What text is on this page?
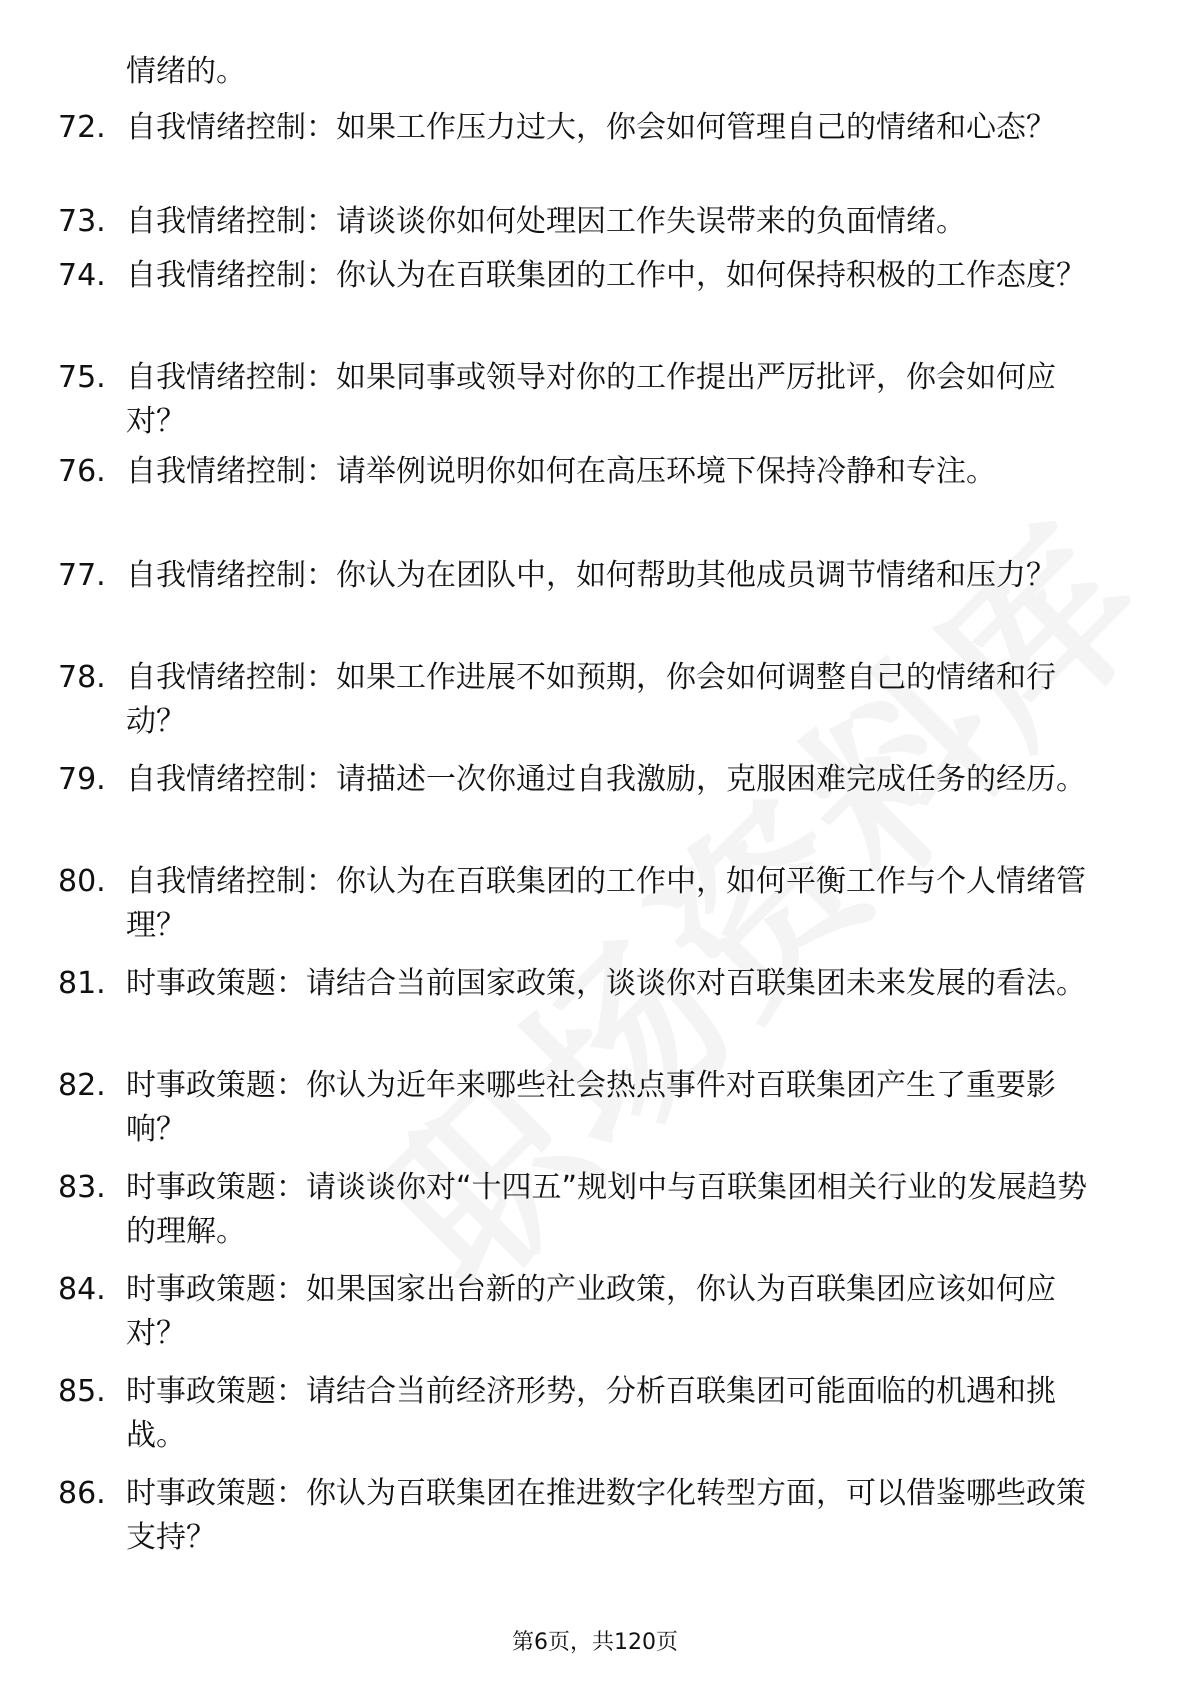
情绪的。
72. 自我情绪控制：如果工作压力过大，你会如何管理自己的情绪和心态？
73. 自我情绪控制：请谈谈你如何处理因工作失误带来的负面情绪。
74. 自我情绪控制：你认为在百联集团的工作中，如何保持积极的工作态度？
75. 自我情绪控制：如果同事或领导对你的工作提出严厉批评，你会如何应对？
76. 自我情绪控制：请举例说明你如何在高压环境下保持冷静和专注。
77. 自我情绪控制：你认为在团队中，如何帮助其他成员调节情绪和压力？
78. 自我情绪控制：如果工作进展不如预期，你会如何调整自己的情绪和行动？
79. 自我情绪控制：请描述一次你通过自我激励，克服困难完成任务的经历。
80. 自我情绪控制：你认为在百联集团的工作中，如何平衡工作与个人情绪管理？
81. 时事政策题：请结合当前国家政策，谈谈你对百联集团未来发展的看法。
82. 时事政策题：你认为近年来哪些社会热点事件对百联集团产生了重要影响？
83. 时事政策题：请谈谈你对“十四五”规划中与百联集团相关行业的发展趋势的理解。
84. 时事政策题：如果国家出台新的产业政策，你认为百联集团应该如何应对？
85. 时事政策题：请结合当前经济形势，分析百联集团可能面临的机遇和挑战。
86. 时事政策题：你认为百联集团在推进数字化转型方面，可以借鉴哪些政策支持？
第6页，共120页
